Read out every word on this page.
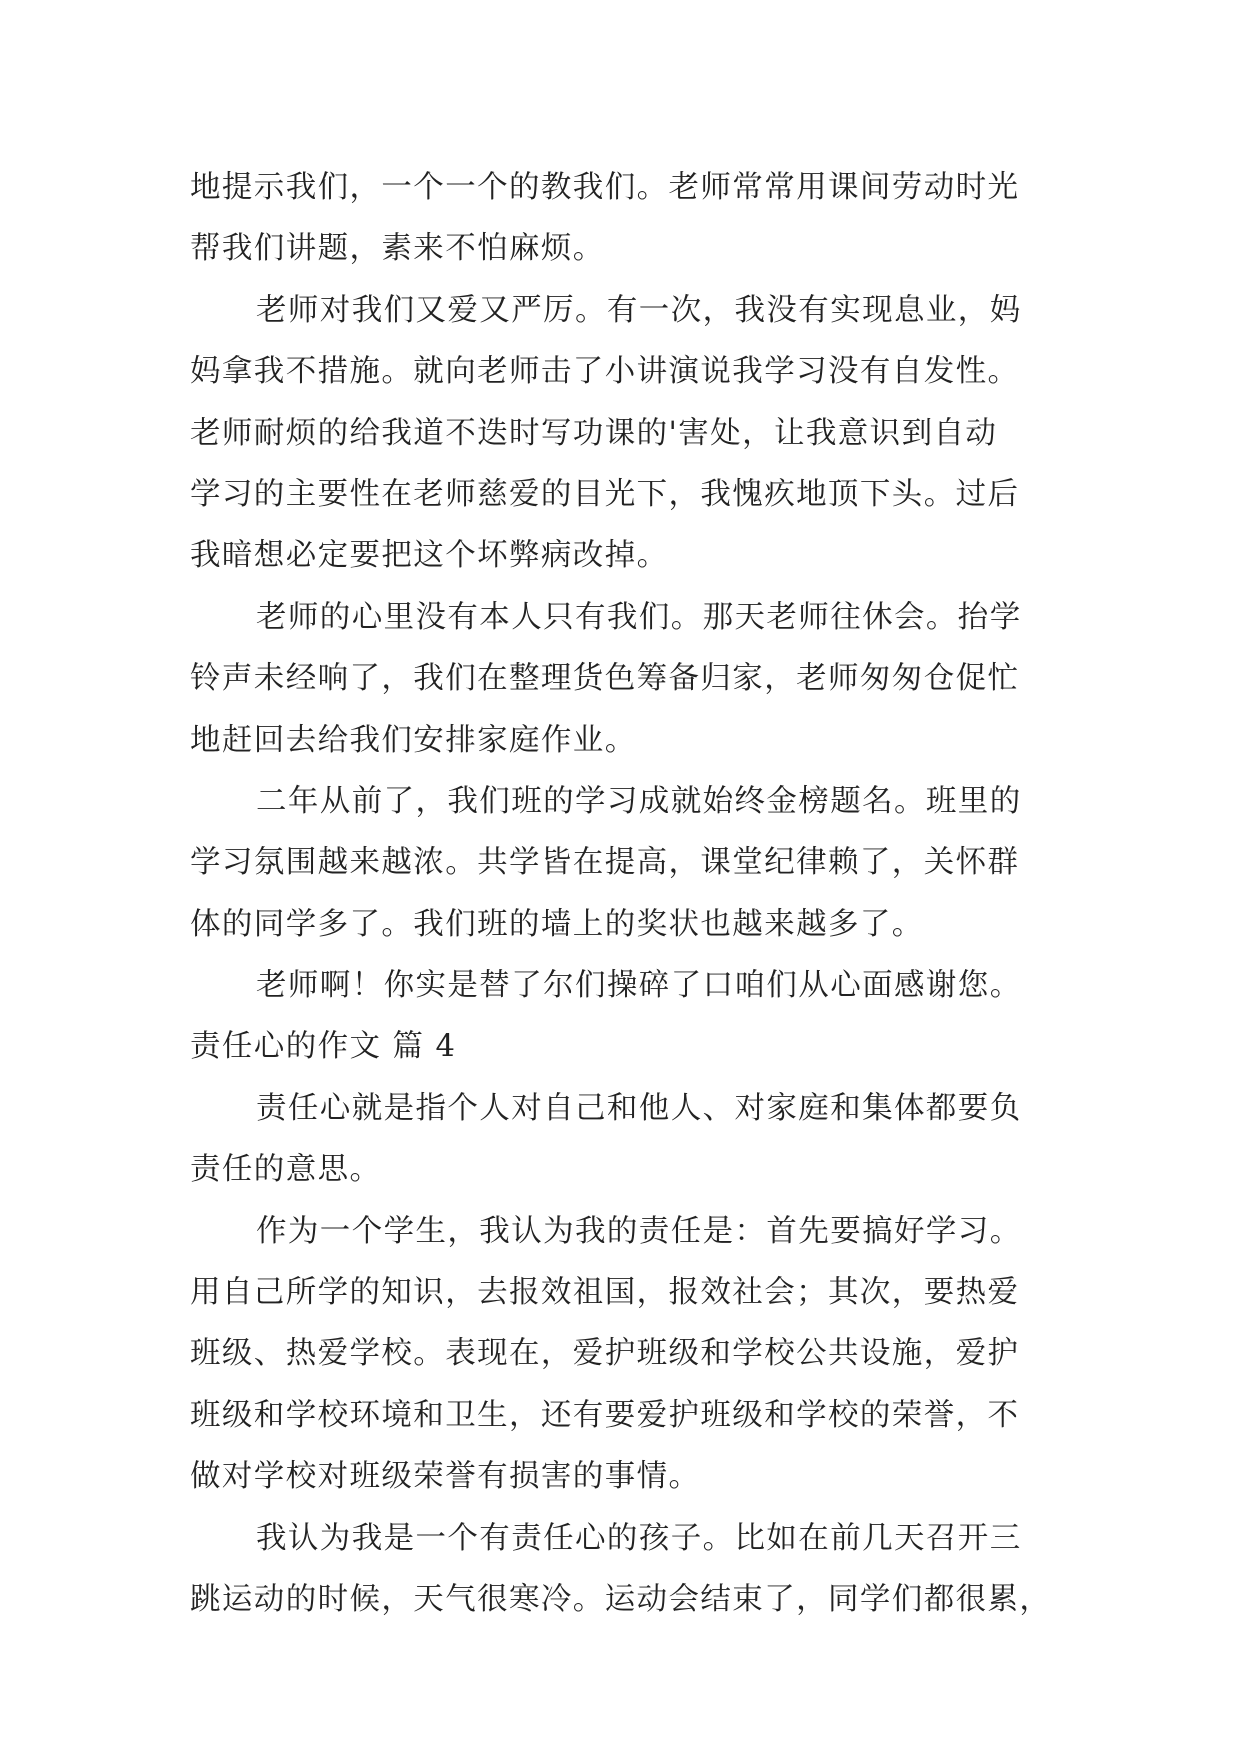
地提示我们，一个一个的教我们。老师常常用课间劳动时光
帮我们讲题，素来不怕麻烦。
老师对我们又爱又严厉。有一次，我没有实现息业，妈
妈拿我不措施。就向老师击了小讲演说我学习没有自发性。
老师耐烦的给我道不迭时写功课的'害处，让我意识到自动
学习的主要性在老师慈爱的目光下，我愧疚地顶下头。过后
我暗想必定要把这个坏弊病改掉。
老师的心里没有本人只有我们。那天老师往休会。抬学
铃声未经响了，我们在整理货色筹备归家，老师匆匆仓促忙
地赶回去给我们安排家庭作业。
二年从前了，我们班的学习成就始终金榜题名。班里的
学习氛围越来越浓。共学皆在提高，课堂纪律赖了，关怀群
体的同学多了。我们班的墙上的奖状也越来越多了。
老师啊！你实是替了尔们操碎了口咱们从心面感谢您。
责任心的作文 篇 4
责任心就是指个人对自己和他人、对家庭和集体都要负
责任的意思。
作为一个学生，我认为我的责任是：首先要搞好学习。
用自己所学的知识，去报效祖国，报效社会；其次，要热爱
班级、热爱学校。表现在，爱护班级和学校公共设施，爱护
班级和学校环境和卫生，还有要爱护班级和学校的荣誉，不
做对学校对班级荣誉有损害的事情。
我认为我是一个有责任心的孩子。比如在前几天召开三
跳运动的时候，天气很寒冷。运动会结束了，同学们都很累，
